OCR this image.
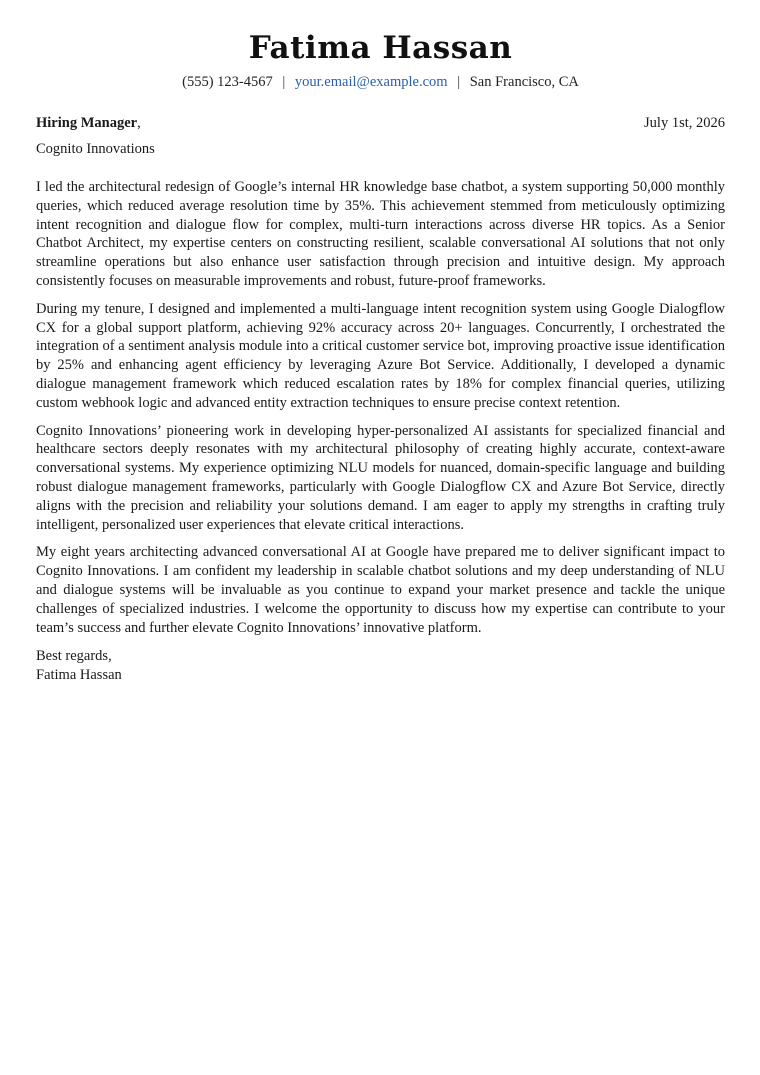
Fatima Hassan
(555) 123-4567 | your.email@example.com | San Francisco, CA
Hiring Manager,	July 1st, 2026
Cognito Innovations

I led the architectural redesign of Google’s internal HR knowledge base chatbot, a system supporting 50,000 monthly queries, which reduced average resolution time by 35%. This achievement stemmed from meticulously optimizing intent recognition and dialogue flow for complex, multi-turn interactions across diverse HR topics. As a Senior Chatbot Architect, my expertise centers on constructing resilient, scalable conversational AI solutions that not only streamline operations but also enhance user satisfaction through precision and intuitive design. My approach consistently focuses on measurable improvements and robust, future-proof frameworks.

During my tenure, I designed and implemented a multi-language intent recognition system using Google Dialogflow CX for a global support platform, achieving 92% accuracy across 20+ languages. Concurrently, I orchestrated the integration of a sentiment analysis module into a critical customer service bot, improving proactive issue identification by 25% and enhancing agent efficiency by leveraging Azure Bot Service. Additionally, I developed a dynamic dialogue management framework which reduced escalation rates by 18% for complex financial queries, utilizing custom webhook logic and advanced entity extraction techniques to ensure precise context retention.

Cognito Innovations’ pioneering work in developing hyper-personalized AI assistants for specialized financial and healthcare sectors deeply resonates with my architectural philosophy of creating highly accurate, context-aware conversational systems. My experience optimizing NLU models for nuanced, domain-specific language and building robust dialogue management frameworks, particularly with Google Dialogflow CX and Azure Bot Service, directly aligns with the precision and reliability your solutions demand. I am eager to apply my strengths in crafting truly intelligent, personalized user experiences that elevate critical interactions.

My eight years architecting advanced conversational AI at Google have prepared me to deliver significant impact to Cognito Innovations. I am confident my leadership in scalable chatbot solutions and my deep understanding of NLU and dialogue systems will be invaluable as you continue to expand your market presence and tackle the unique challenges of specialized industries. I welcome the opportunity to discuss how my expertise can contribute to your team’s success and further elevate Cognito Innovations’ innovative platform.

Best regards,
Fatima Hassan
